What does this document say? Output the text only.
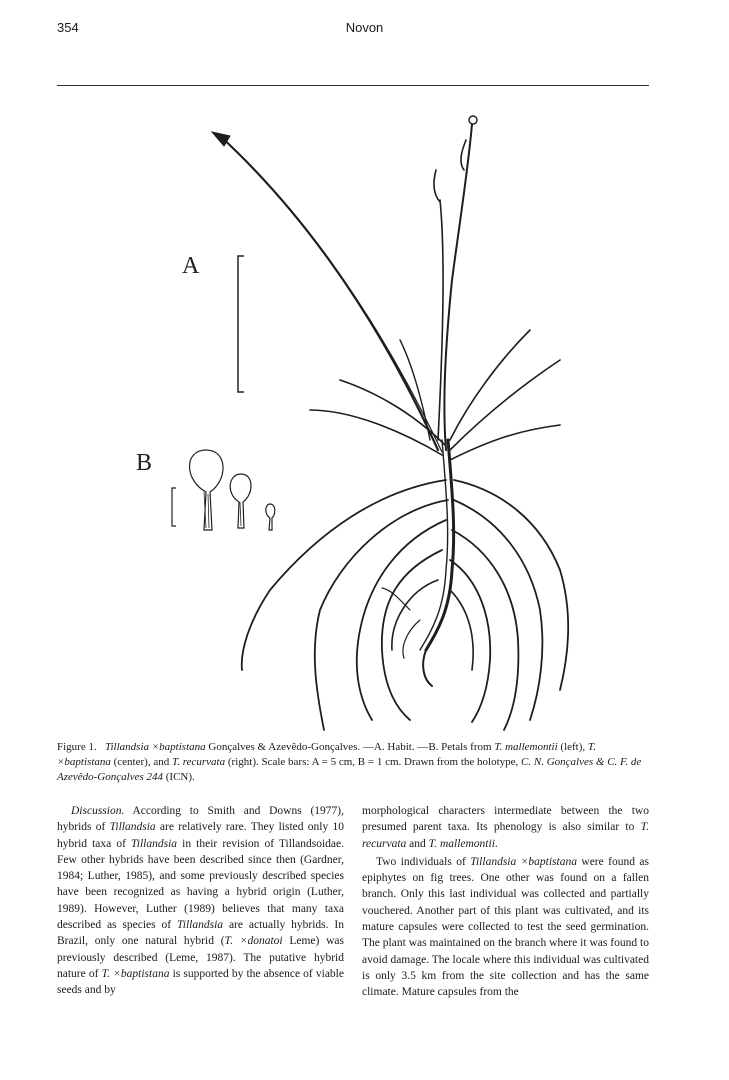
354	Novon
A
B
Figure 1. Tillandsia ×baptistana Gonçalves & Azevêdo-Gonçalves. —A. Habit. —B. Petals from T. mallemontii (left), T. ×baptistana (center), and T. recurvata (right). Scale bars: A = 5 cm, B = 1 cm. Drawn from the holotype, C. N. Gonçalves & C. F. de Azevêdo-Gonçalves 244 (ICN).

Discussion. According to Smith and Downs (1977), hybrids of Tillandsia are relatively rare. They listed only 10 hybrid taxa of Tillandsia in their revision of Tillandsoidae. Few other hybrids have been described since then (Gardner, 1984; Luther, 1985), and some previously described species have been recognized as having a hybrid origin (Luther, 1989). However, Luther (1989) believes that many taxa described as species of Tillandsia are actually hybrids. In Brazil, only one natural hybrid (T. ×donatoi Leme) was previously described (Leme, 1987). The putative hybrid nature of T. ×baptistana is supported by the absence of viable seeds and by

morphological characters intermediate between the two presumed parent taxa. Its phenology is also similar to T. recurvata and T. mallemontii.

Two individuals of Tillandsia ×baptistana were found as epiphytes on fig trees. One other was found on a fallen branch. Only this last individual was collected and partially vouchered. Another part of this plant was cultivated, and its mature capsules were collected to test the seed germination. The plant was maintained on the branch where it was found to avoid damage. The locale where this individual was cultivated is only 3.5 km from the site collection and has the same climate. Mature capsules from the
